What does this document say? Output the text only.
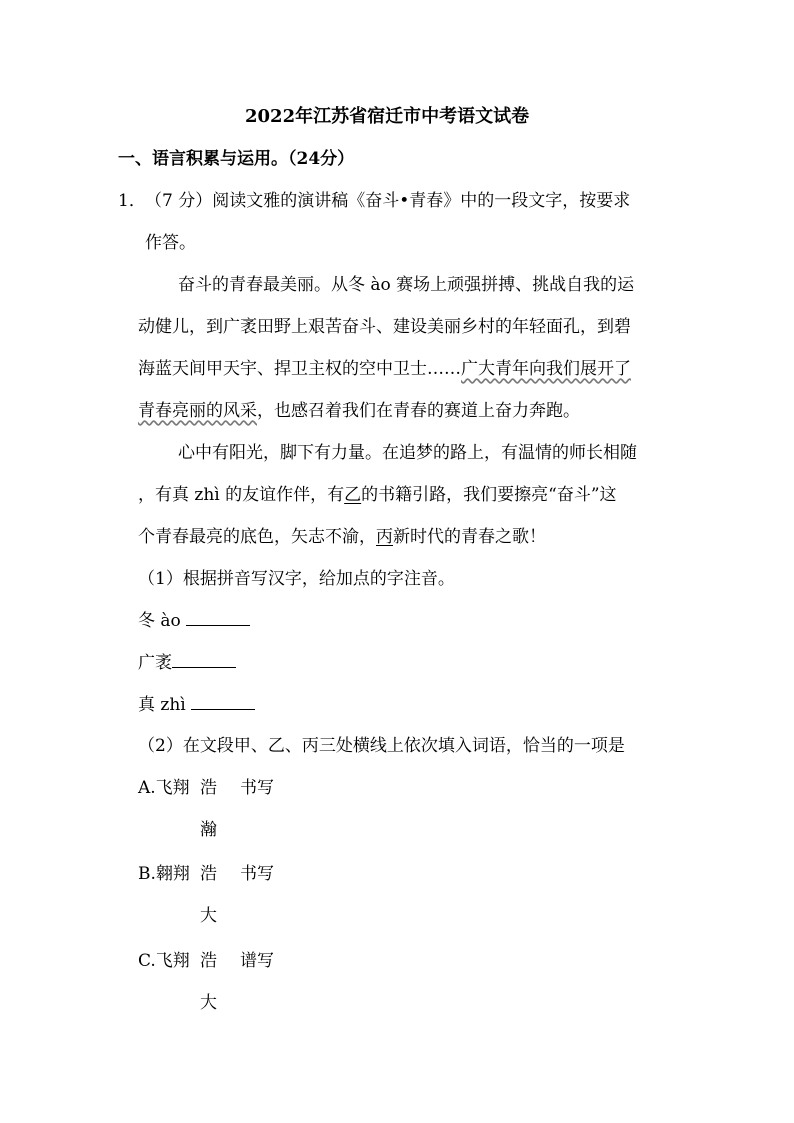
2022年江苏省宿迁市中考语文试卷
一、语言积累与运用。（24分）
1． （7 分）阅读文雅的演讲稿《奋斗•青春》中的一段文字，按要求
作答。
奋斗的青春最美丽。从冬 ào 赛场上顽强拼搏、挑战自我的运
动健儿，到广袤田野上艰苦奋斗、建设美丽乡村的年轻面孔，到碧
海蓝天间甲天宇、捍卫主权的空中卫士……广大青年向我们展开了
青春亮丽的风采，也感召着我们在青春的赛道上奋力奔跑。
心中有阳光，脚下有力量。在追梦的路上，有温情的师长相随
，有真 zhì 的友谊作伴，有乙的书籍引路，我们要擦亮“奋斗”这
个青春最亮的底色，矢志不渝，丙新时代的青春之歌！
（1）根据拼音写汉字，给加点的字注音。
冬 ào
广袤
真 zhì
（2）在文段甲、乙、丙三处横线上依次填入词语，恰当的一项是
A.飞翔 浩 书写
瀚
B.翱翔 浩 书写
大
C.飞翔 浩 谱写
大
